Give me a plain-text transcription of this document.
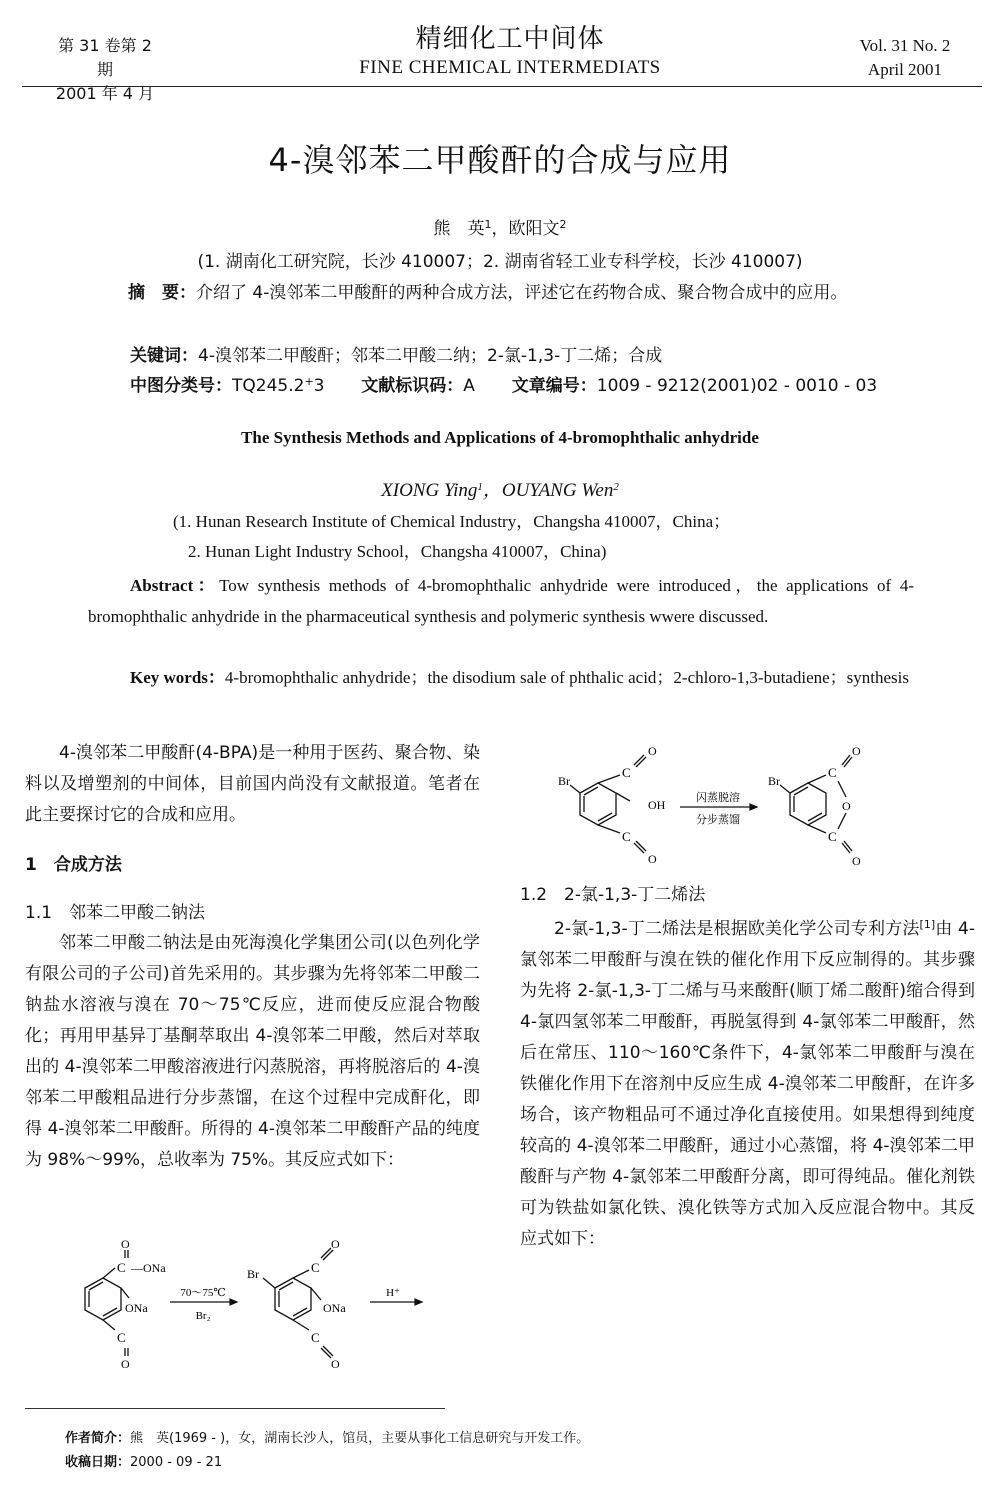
第 31 卷第 2 期
2001 年 4 月
精细化工中间体
FINE CHEMICAL INTERMEDIATS
Vol. 31 No. 2
April 2001
4-溴邻苯二甲酸酐的合成与应用
熊　英$^1$，欧阳文$^2$
(1. 湖南化工研究院，长沙 410007；2. 湖南省轻工业专科学校，长沙 410007)
摘　要：介绍了 4-溴邻苯二甲酸酐的两种合成方法，评述它在药物合成、聚合物合成中的应用。
关键词：4-溴邻苯二甲酸酐；邻苯二甲酸二纳；2-氯-1,3-丁二烯；合成
中图分类号：TQ245.2+3 文献标识码：A 文章编号：1009 - 9212(2001)02 - 0010 - 03
The Synthesis Methods and Applications of 4-bromophthalic anhydride
XIONG Ying$^1$，OUYANG Wen$^2$
(1. Hunan Research Institute of Chemical Industry，Changsha 410007，China；
2. Hunan Light Industry School，Changsha 410007，China)
Abstract：Tow synthesis methods of 4-bromophthalic anhydride were introduced，the applications of 4-bromophthalic anhydride in the pharmaceutical synthesis and polymeric synthesis wwere discussed.
Key words：4-bromophthalic anhydride；the disodium sale of phthalic acid；2-chloro-1,3-butadiene；synthesis
4-溴邻苯二甲酸酐(4-BPA)是一种用于医药、聚合物、染料以及增塑剂的中间体，目前国内尚没有文献报道。笔者在此主要探讨它的合成和应用。
1　合成方法
1.1　邻苯二甲酸二钠法
邻苯二甲酸二钠法是由死海溴化学集团公司(以色列化学有限公司的子公司)首先采用的。其步骤为先将邻苯二甲酸二钠盐水溶液与溴在 70～75℃反应，进而使反应混合物酸化；再用甲基异丁基酮萃取出 4-溴邻苯二甲酸，然后对萃取出的 4-溴邻苯二甲酸溶液进行闪蒸脱溶，再将脱溶后的 4-溴邻苯二甲酸粗品进行分步蒸馏，在这个过程中完成酐化，即得 4-溴邻苯二甲酸酐。所得的 4-溴邻苯二甲酸酐产品的纯度为 98%～99%，总收率为 75%。其反应式如下：
C —ONa
O
ONa
C
O
70～75℃
Br₂
Br	C
O
ONa
C
O
H⁺
Br
C
O
OH
C
O
闪蒸脱溶
分步蒸馏
Br
C
O
O
C
O
1.2　2-氯-1,3-丁二烯法
2-氯-1,3-丁二烯法是根据欧美化学公司专利方法[1]由 4-氯邻苯二甲酸酐与溴在铁的催化作用下反应制得的。其步骤为先将 2-氯-1,3-丁二烯与马来酸酐(顺丁烯二酸酐)缩合得到 4-氯四氢邻苯二甲酸酐，再脱氢得到 4-氯邻苯二甲酸酐，然后在常压、110～160℃条件下，4-氯邻苯二甲酸酐与溴在铁催化作用下在溶剂中反应生成 4-溴邻苯二甲酸酐，在许多场合，该产物粗品可不通过净化直接使用。如果想得到纯度较高的 4-溴邻苯二甲酸酐，通过小心蒸馏，将 4-溴邻苯二甲酸酐与产物 4-氯邻苯二甲酸酐分离，即可得纯品。催化剂铁可为铁盐如氯化铁、溴化铁等方式加入反应混合物中。其反应式如下：
作者简介：熊　英(1969 - )，女，湖南长沙人，馆员，主要从事化工信息研究与开发工作。
收稿日期：2000 - 09 - 21
